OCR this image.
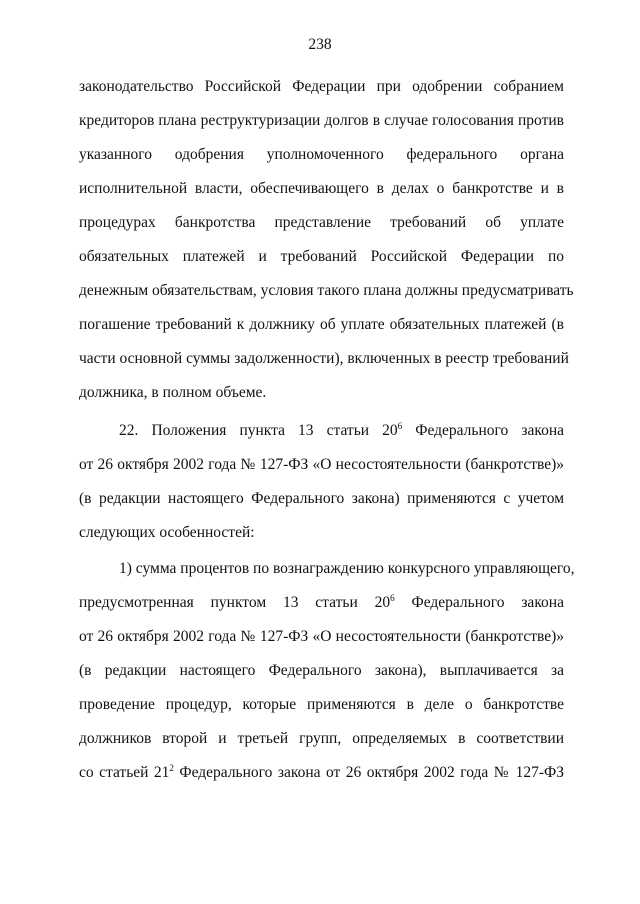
238
законодательство Российской Федерации при одобрении собранием
кредиторов плана реструктуризации долгов в случае голосования против
указанного одобрения уполномоченного федерального органа
исполнительной власти, обеспечивающего в делах о банкротстве и в
процедурах банкротства представление требований об уплате
обязательных платежей и требований Российской Федерации по
денежным обязательствам, условия такого плана должны предусматривать
погашение требований к должнику об уплате обязательных платежей (в
части основной суммы задолженности), включенных в реестр требований
должника, в полном объеме.
22. Положения пункта 13 статьи $20^6$ Федерального закона
от 26 октября 2002 года № 127-ФЗ «О несостоятельности (банкротстве)»
(в редакции настоящего Федерального закона) применяются с учетом
следующих особенностей:
1) сумма процентов по вознаграждению конкурсного управляющего,
предусмотренная пунктом 13 статьи $20^6$ Федерального закона
от 26 октября 2002 года № 127-ФЗ «О несостоятельности (банкротстве)»
(в редакции настоящего Федерального закона), выплачивается за
проведение процедур, которые применяются в деле о банкротстве
должников второй и третьей групп, определяемых в соответствии
со статьей $21^2$ Федерального закона от 26 октября 2002 года № 127-ФЗ
